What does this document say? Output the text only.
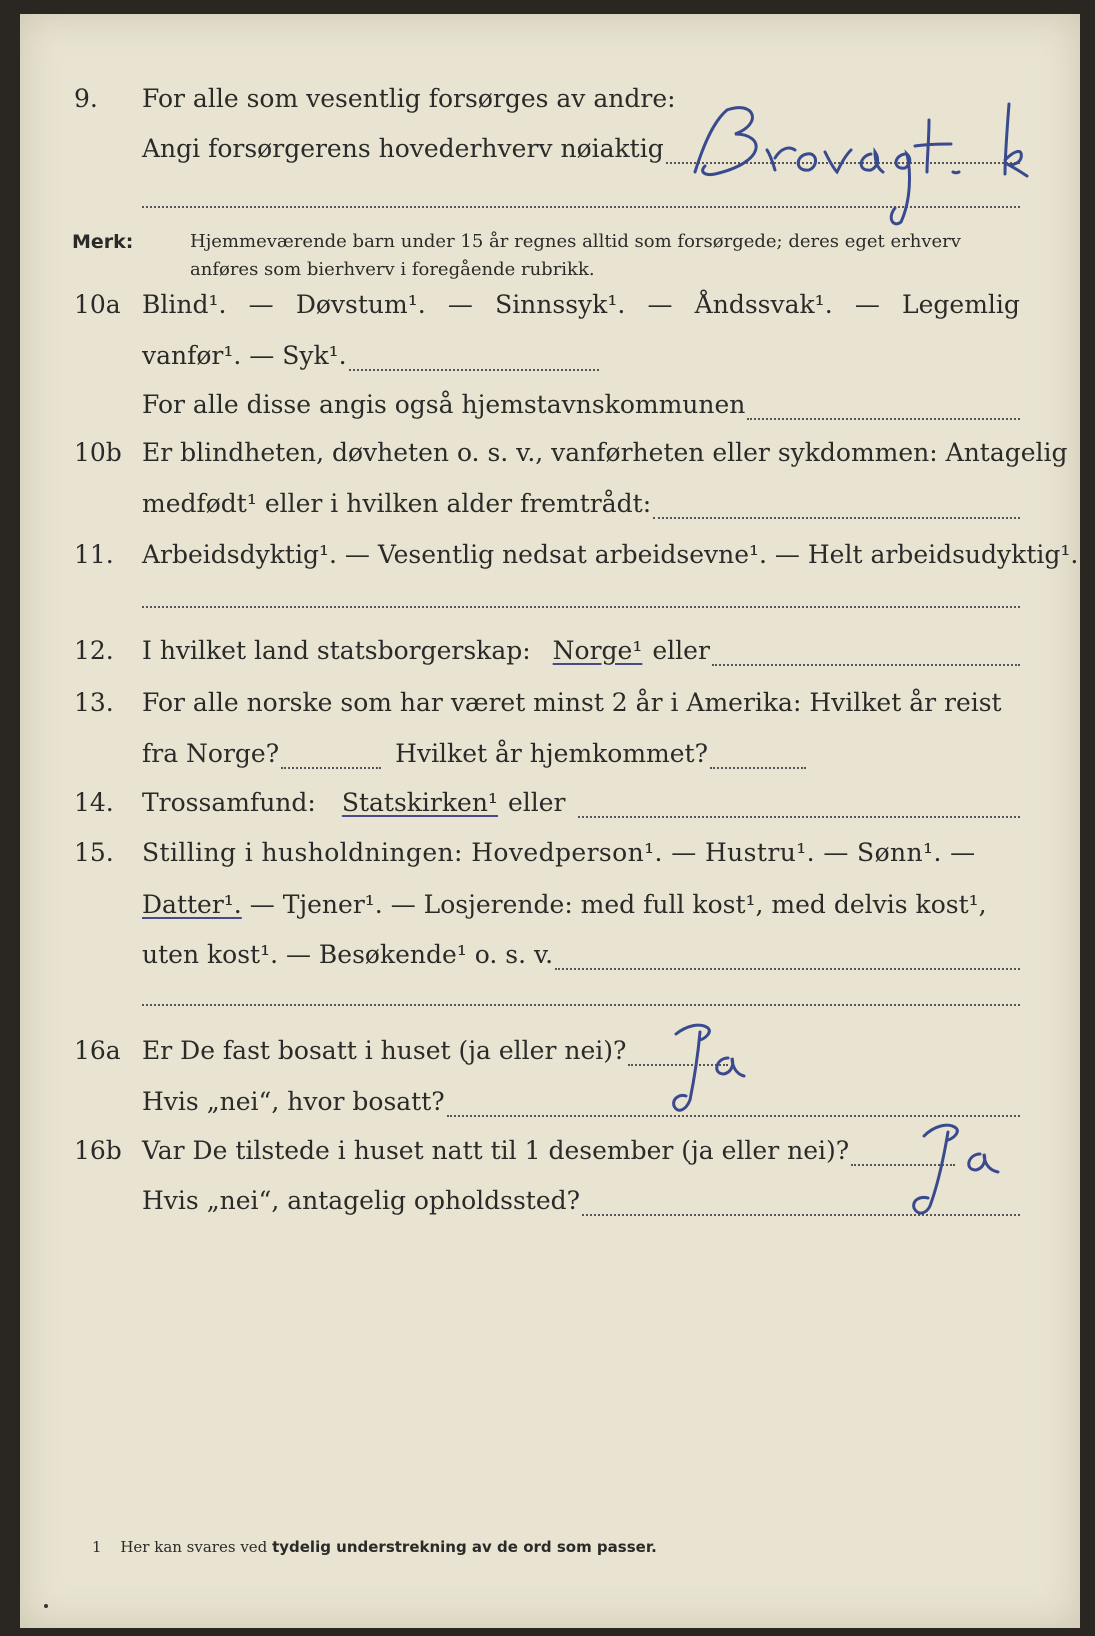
9. For alle som vesentlig forsørges av andre:
Angi forsørgerens hovederhverv nøiaktig
Merk:	Hjemmeværende barn under 15 år regnes alltid som forsørgede; deres eget erhverv
anføres som bierhverv i foregående rubrikk.
10a Blind¹. — Døvstum¹. — Sinnssyk¹. — Åndssvak¹. — Legemlig
vanfør¹. — Syk¹.
For alle disse angis også hjemstavnskommunen
10b Er blindheten, døvheten o. s. v., vanførheten eller sykdommen: Antagelig
medfødt¹ eller i hvilken alder fremtrådt:
11. Arbeidsdyktig¹. — Vesentlig nedsat arbeidsevne¹. — Helt arbeidsudyktig¹.
12. I hvilket land statsborgerskap: Norge¹ eller
13. For alle norske som har været minst 2 år i Amerika: Hvilket år reist
fra Norge?	Hvilket år hjemkommet?
14. Trossamfund: Statskirken¹ eller
15. Stilling i husholdningen: Hovedperson¹. — Hustru¹. — Sønn¹. —
Datter¹. — Tjener¹. — Losjerende: med full kost¹, med delvis kost¹,
uten kost¹. — Besøkende¹ o. s. v.
16a Er De fast bosatt i huset (ja eller nei)?
Hvis „nei“, hvor bosatt?
16b Var De tilstede i huset natt til 1 desember (ja eller nei)?
Hvis „nei“, antagelig opholdssted?
1 Her kan svares ved tydelig understrekning av de ord som passer.
